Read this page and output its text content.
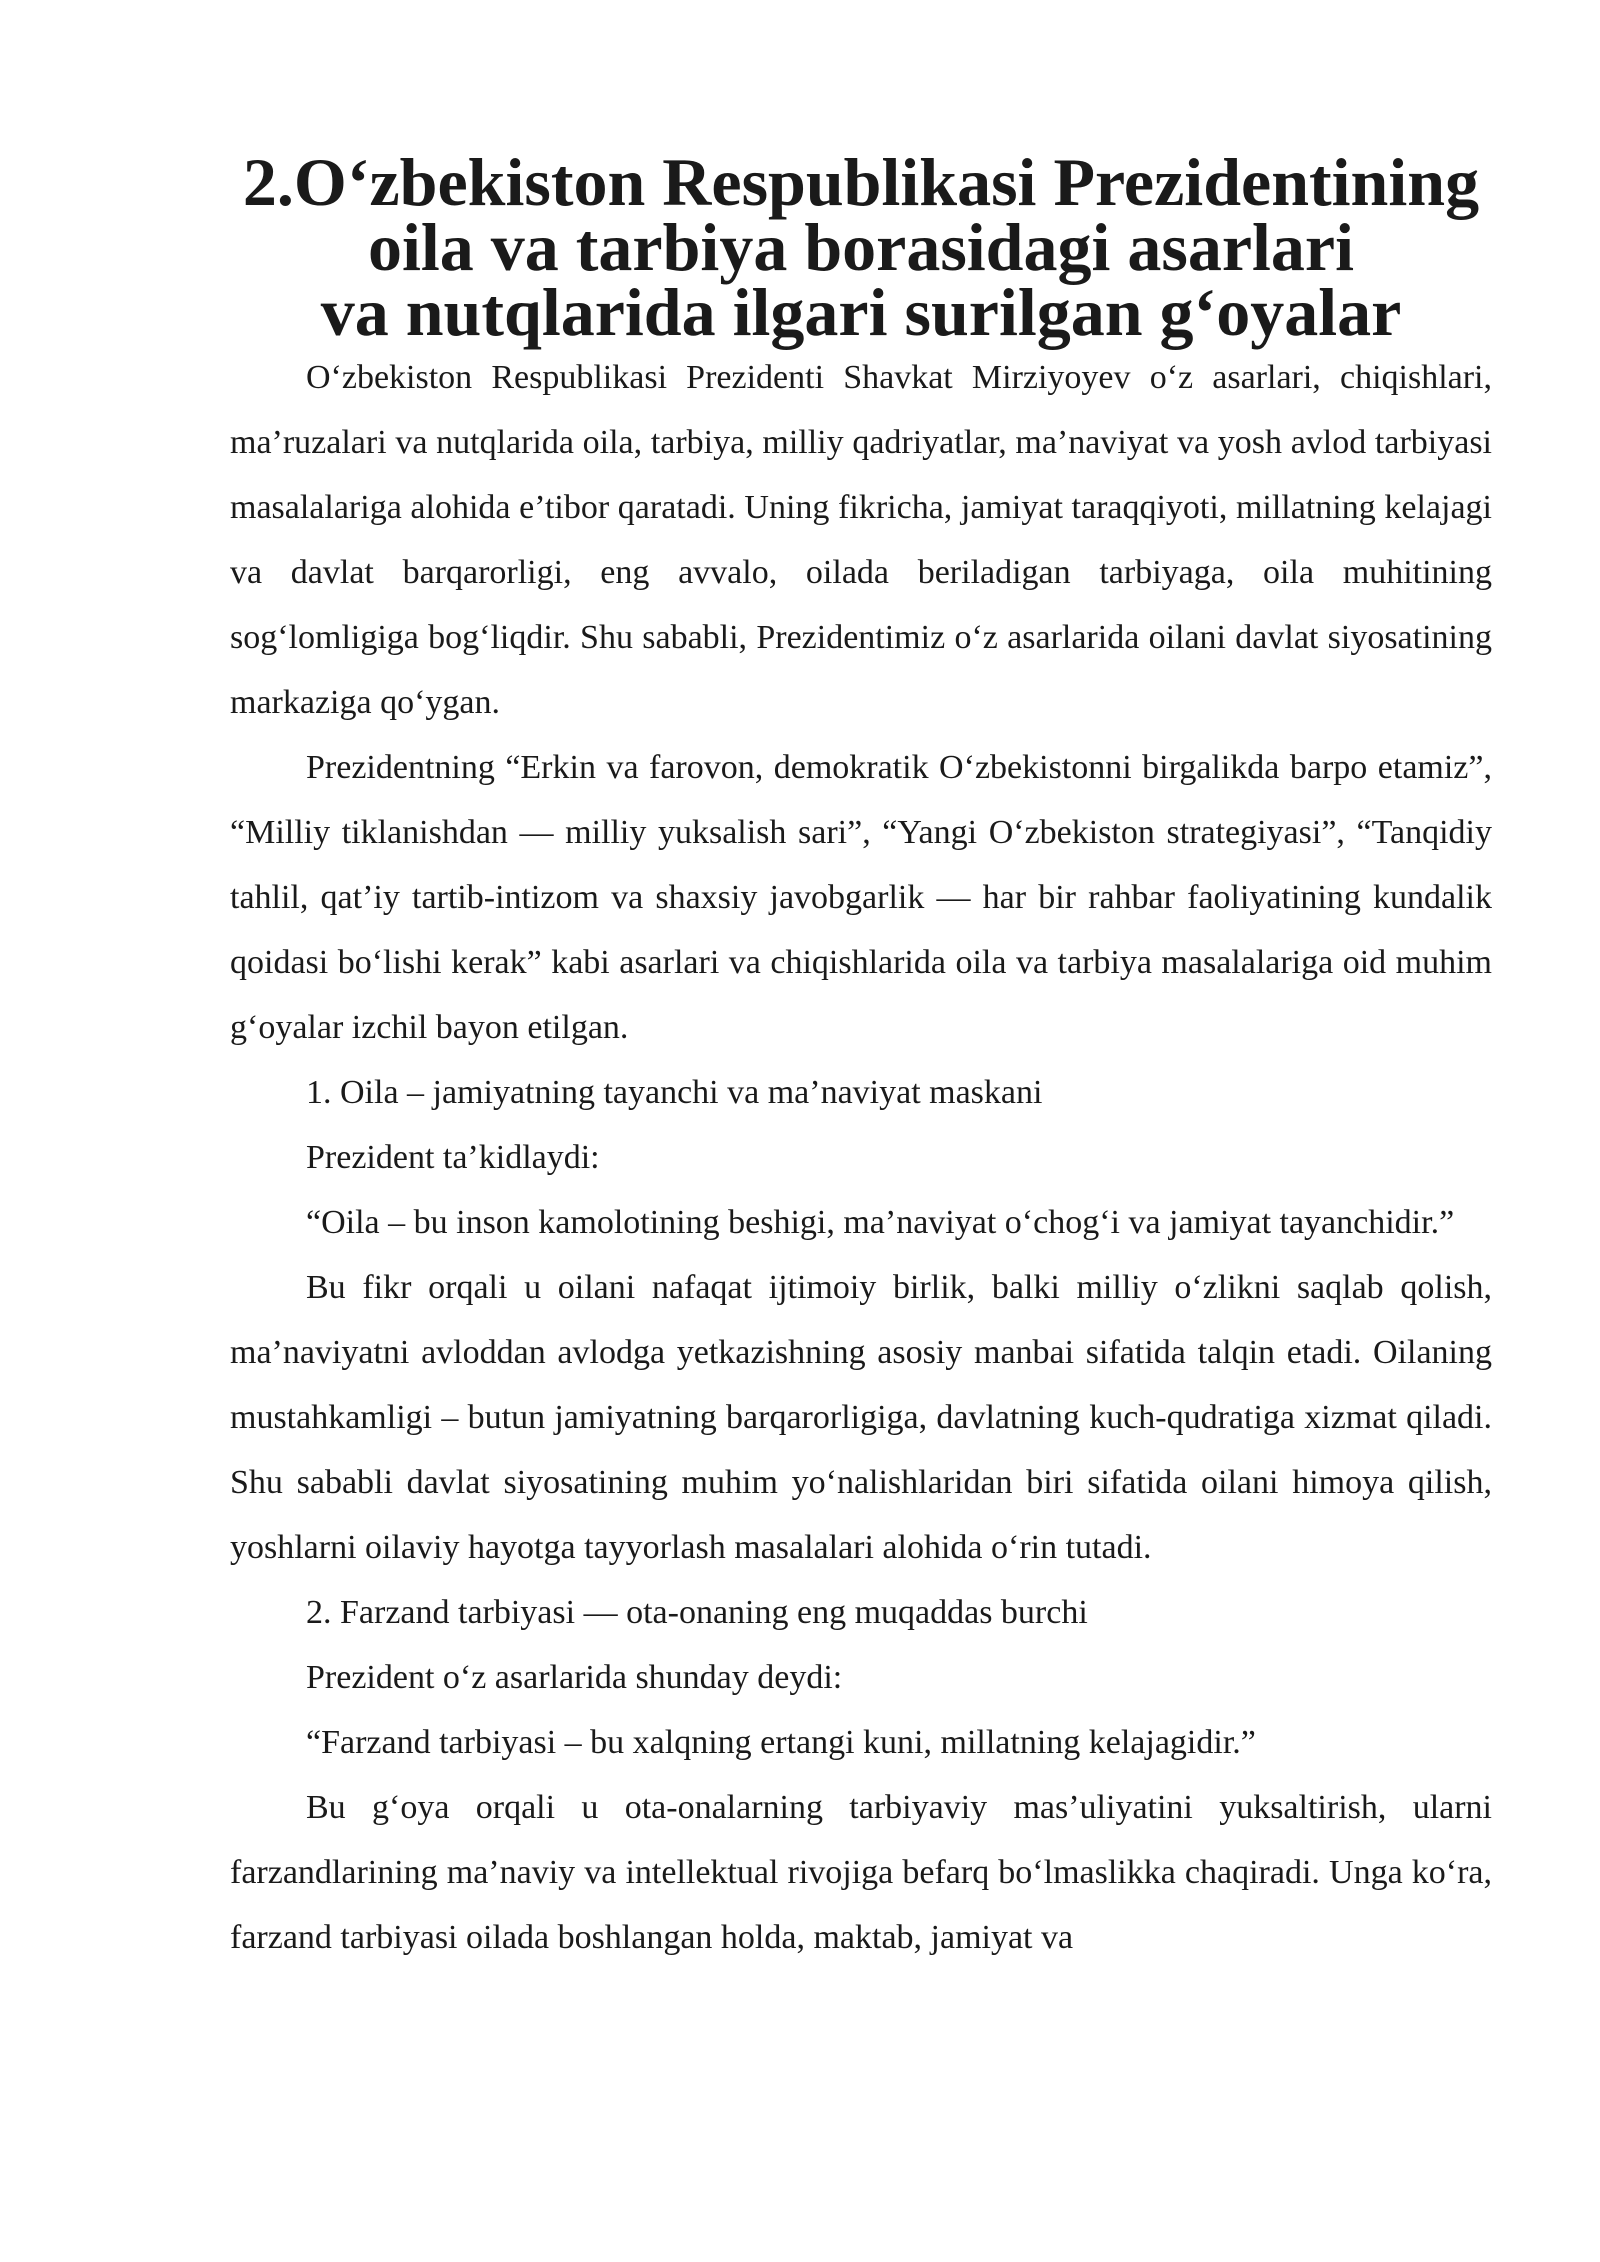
2.O‘zbekiston Respublikasi Prezidentining oila va tarbiya borasidagi asarlari
va nutqlarida ilgari surilgan g‘oyalar

O‘zbekiston Respublikasi Prezidenti Shavkat Mirziyoyev o‘z asarlari, chiqishlari, ma’ruzalari va nutqlarida oila, tarbiya, milliy qadriyatlar, ma’naviyat va yosh avlod tarbiyasi masalalariga alohida e’tibor qaratadi. Uning fikricha, jamiyat taraqqiyoti, millatning kelajagi va davlat barqarorligi, eng avvalo, oilada beriladigan tarbiyaga, oila muhitining sog‘lomligiga bog‘liqdir. Shu sababli, Prezidentimiz o‘z asarlarida oilani davlat siyosatining markaziga qo‘ygan.

Prezidentning “Erkin va farovon, demokratik O‘zbekistonni birgalikda barpo etamiz”, “Milliy tiklanishdan — milliy yuksalish sari”, “Yangi O‘zbekiston strategiyasi”, “Tanqidiy tahlil, qat’iy tartib-intizom va shaxsiy javobgarlik — har bir rahbar faoliyatining kundalik qoidasi bo‘lishi kerak” kabi asarlari va chiqishlarida oila va tarbiya masalalariga oid muhim g‘oyalar izchil bayon etilgan.

1. Oila – jamiyatning tayanchi va ma’naviyat maskani

Prezident ta’kidlaydi:

“Oila – bu inson kamolotining beshigi, ma’naviyat o‘chog‘i va jamiyat tayanchidir.”

Bu fikr orqali u oilani nafaqat ijtimoiy birlik, balki milliy o‘zlikni saqlab qolish, ma’naviyatni avloddan avlodga yetkazishning asosiy manbai sifatida talqin etadi. Oilaning mustahkamligi – butun jamiyatning barqarorligiga, davlatning kuch-qudratiga xizmat qiladi. Shu sababli davlat siyosatining muhim yo‘nalishlaridan biri sifatida oilani himoya qilish, yoshlarni oilaviy hayotga tayyorlash masalalari alohida o‘rin tutadi.

2. Farzand tarbiyasi — ota-onaning eng muqaddas burchi

Prezident o‘z asarlarida shunday deydi:

“Farzand tarbiyasi – bu xalqning ertangi kuni, millatning kelajagidir.”

Bu g‘oya orqali u ota-onalarning tarbiyaviy mas’uliyatini yuksaltirish, ularni farzandlarining ma’naviy va intellektual rivojiga befarq bo‘lmaslikka chaqiradi. Unga ko‘ra, farzand tarbiyasi oilada boshlangan holda, maktab, jamiyat va
